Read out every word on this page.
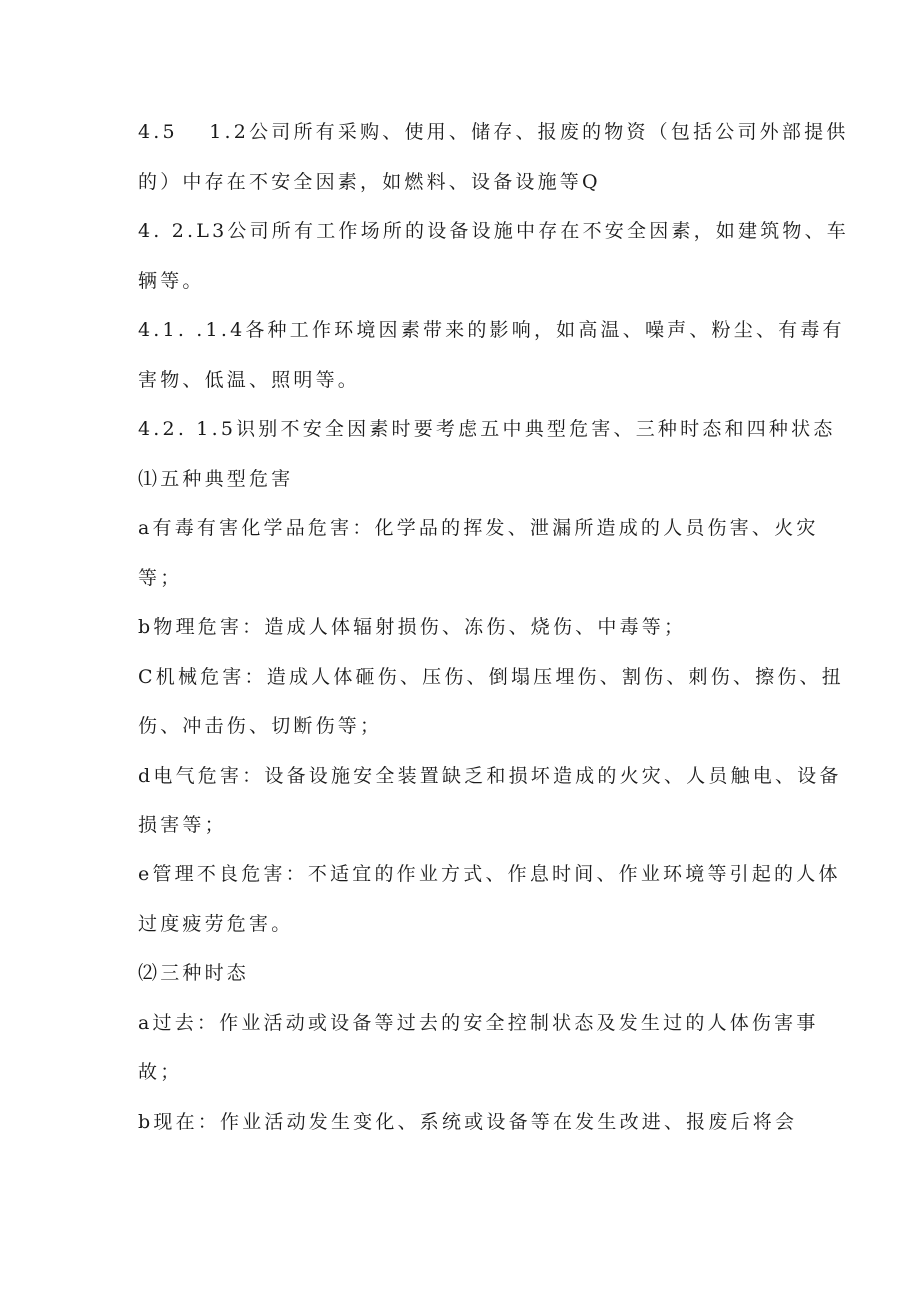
4.5　 1.2公司所有采购、使用、储存、报废的物资（包括公司外部提供
的）中存在不安全因素，如燃料、设备设施等Q
4. 2.L3公司所有工作场所的设备设施中存在不安全因素，如建筑物、车
辆等。
4.1. .1.4各种工作环境因素带来的影响，如高温、噪声、粉尘、有毒有
害物、低温、照明等。
4.2. 1.5识别不安全因素时要考虑五中典型危害、三种时态和四种状态
⑴五种典型危害
a有毒有害化学品危害：化学品的挥发、泄漏所造成的人员伤害、火灾
等；
b物理危害：造成人体辐射损伤、冻伤、烧伤、中毒等；
C机械危害：造成人体砸伤、压伤、倒塌压埋伤、割伤、刺伤、擦伤、扭
伤、冲击伤、切断伤等；
d电气危害：设备设施安全装置缺乏和损坏造成的火灾、人员触电、设备
损害等；
e管理不良危害：不适宜的作业方式、作息时间、作业环境等引起的人体
过度疲劳危害。
⑵三种时态
a过去：作业活动或设备等过去的安全控制状态及发生过的人体伤害事
故；
b现在：作业活动发生变化、系统或设备等在发生改进、报废后将会
